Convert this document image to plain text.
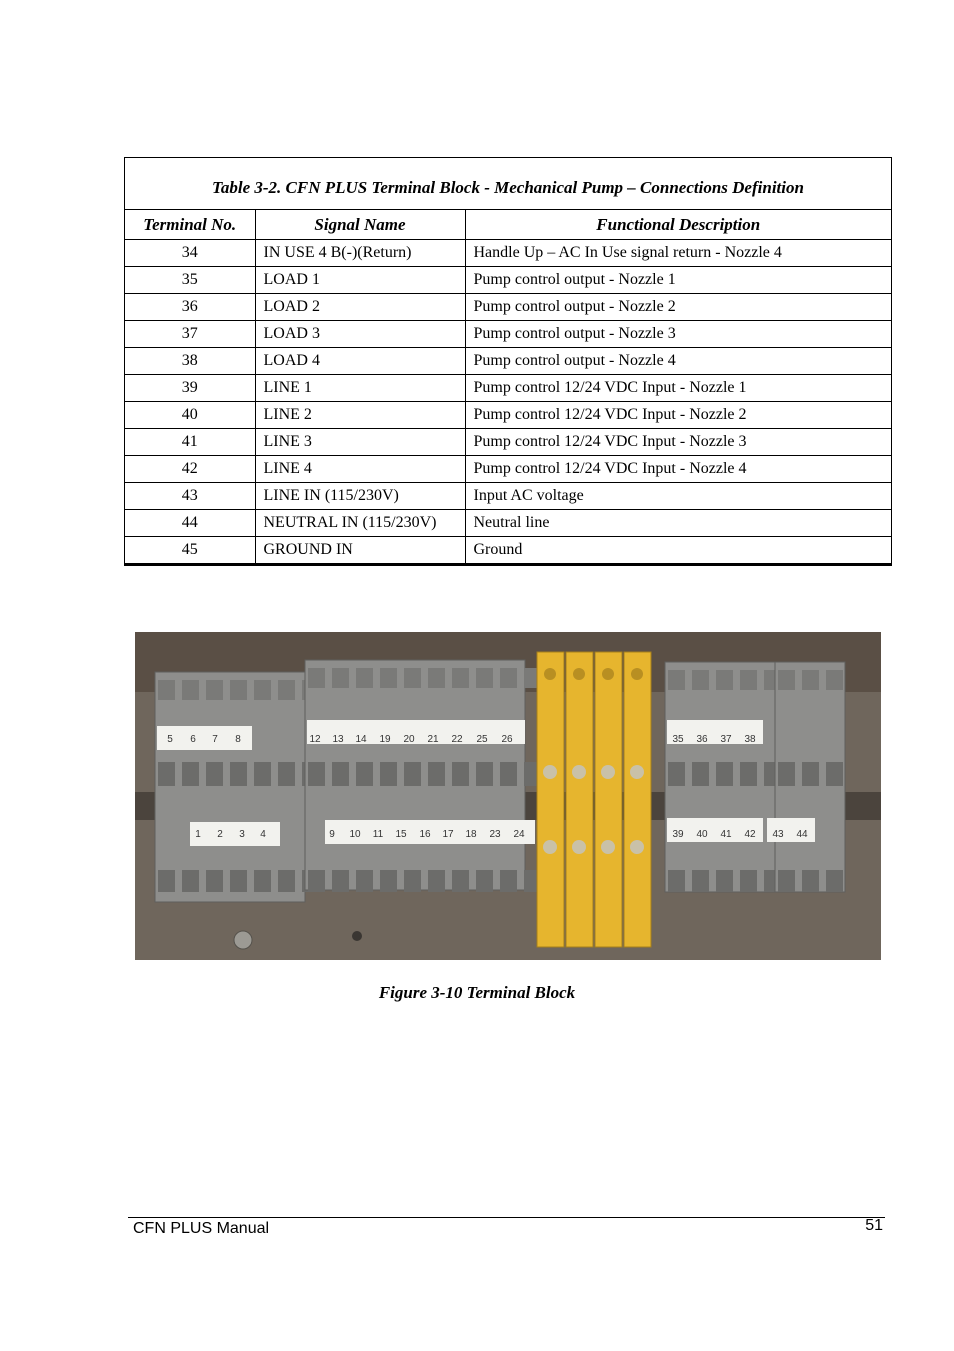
Table 3-2. CFN PLUS Terminal Block - Mechanical Pump – Connections Definition
Terminal No.	Signal Name	Functional Description
34	IN USE 4 B(-)(Return)	Handle Up – AC In Use signal return - Nozzle 4
35	LOAD 1	Pump control output - Nozzle 1
36	LOAD 2	Pump control output - Nozzle 2
37	LOAD 3	Pump control output - Nozzle 3
38	LOAD 4	Pump control output - Nozzle 4
39	LINE 1	Pump control 12/24 VDC Input - Nozzle 1
40	LINE 2	Pump control 12/24 VDC Input - Nozzle 2
41	LINE 3	Pump control 12/24 VDC Input - Nozzle 3
42	LINE 4	Pump control 12/24 VDC Input - Nozzle 4
43	LINE IN (115/230V)	Input AC voltage
44	NEUTRAL IN (115/230V)	Neutral line
45	GROUND IN	Ground
5 6 7 8	12 13 14 19 20 21 22 25 26	35 36 37 38
1 2 3 4	9 10 11 15 16 17 18 23 24	39 40 41 42 43 44
Figure 3-10 Terminal Block
CFN PLUS Manual	51
